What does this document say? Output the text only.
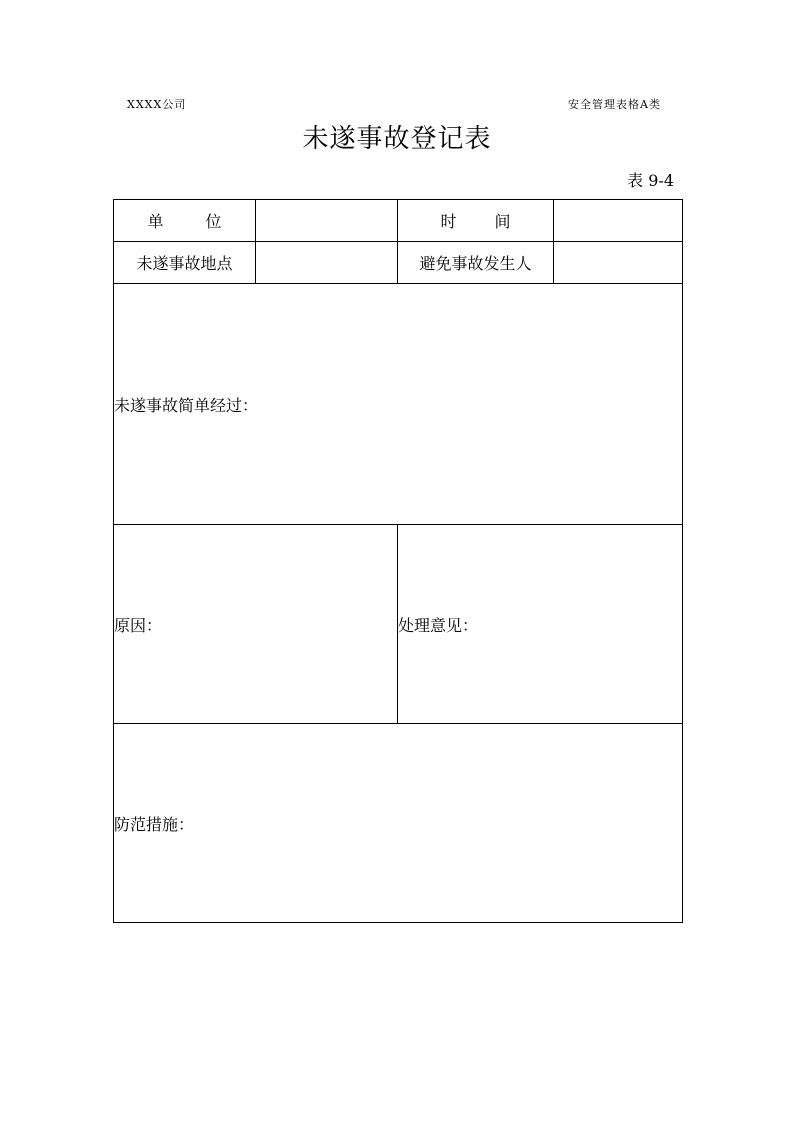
XXXX公司	安全管理表格A类
未遂事故登记表
表 9-4
单位		时间	
未遂事故地点		避免事故发生人	
未遂事故简单经过：			
原因：		处理意见：	
防范措施：			
